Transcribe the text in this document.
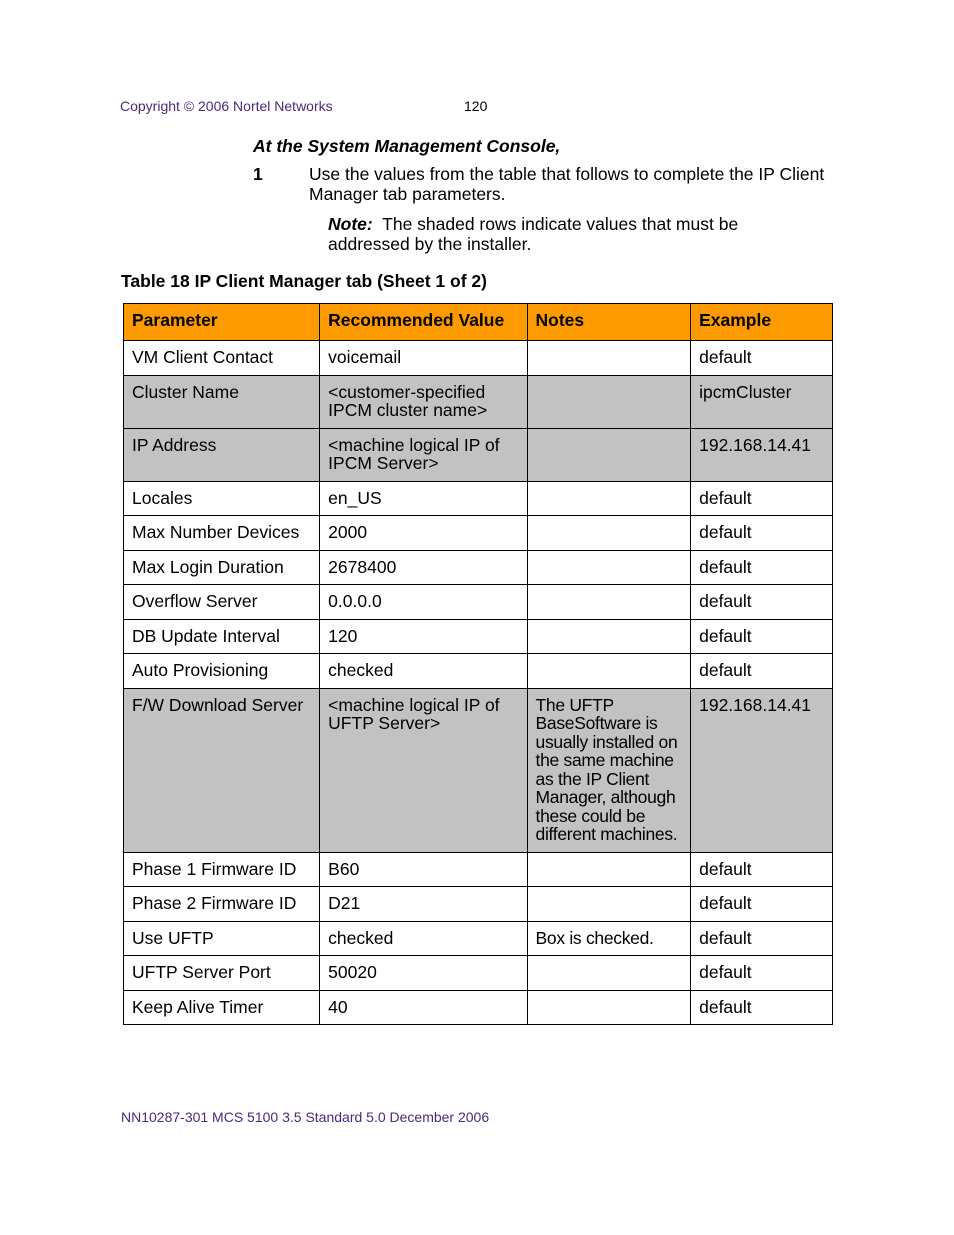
Copyright © 2006 Nortel Networks	120
At the System Management Console,
1	Use the values from the table that follows to complete the IP Client Manager tab parameters.
Note: The shaded rows indicate values that must be addressed by the installer.
Table 18 IP Client Manager tab (Sheet 1 of 2)
Parameter	Recommended Value	Notes	Example
VM Client Contact	voicemail		default
Cluster Name	<customer-specified IPCM cluster name>		ipcmCluster
IP Address	<machine logical IP of IPCM Server>		192.168.14.41
Locales	en_US		default
Max Number Devices	2000		default
Max Login Duration	2678400		default
Overflow Server	0.0.0.0		default
DB Update Interval	120		default
Auto Provisioning	checked		default
F/W Download Server	<machine logical IP of UFTP Server>	The UFTP BaseSoftware is usually installed on the same machine as the IP Client Manager, although these could be different machines.	192.168.14.41
Phase 1 Firmware ID	B60		default
Phase 2 Firmware ID	D21		default
Use UFTP	checked	Box is checked.	default
UFTP Server Port	50020		default
Keep Alive Timer	40		default
NN10287-301 MCS 5100 3.5 Standard 5.0 December 2006
